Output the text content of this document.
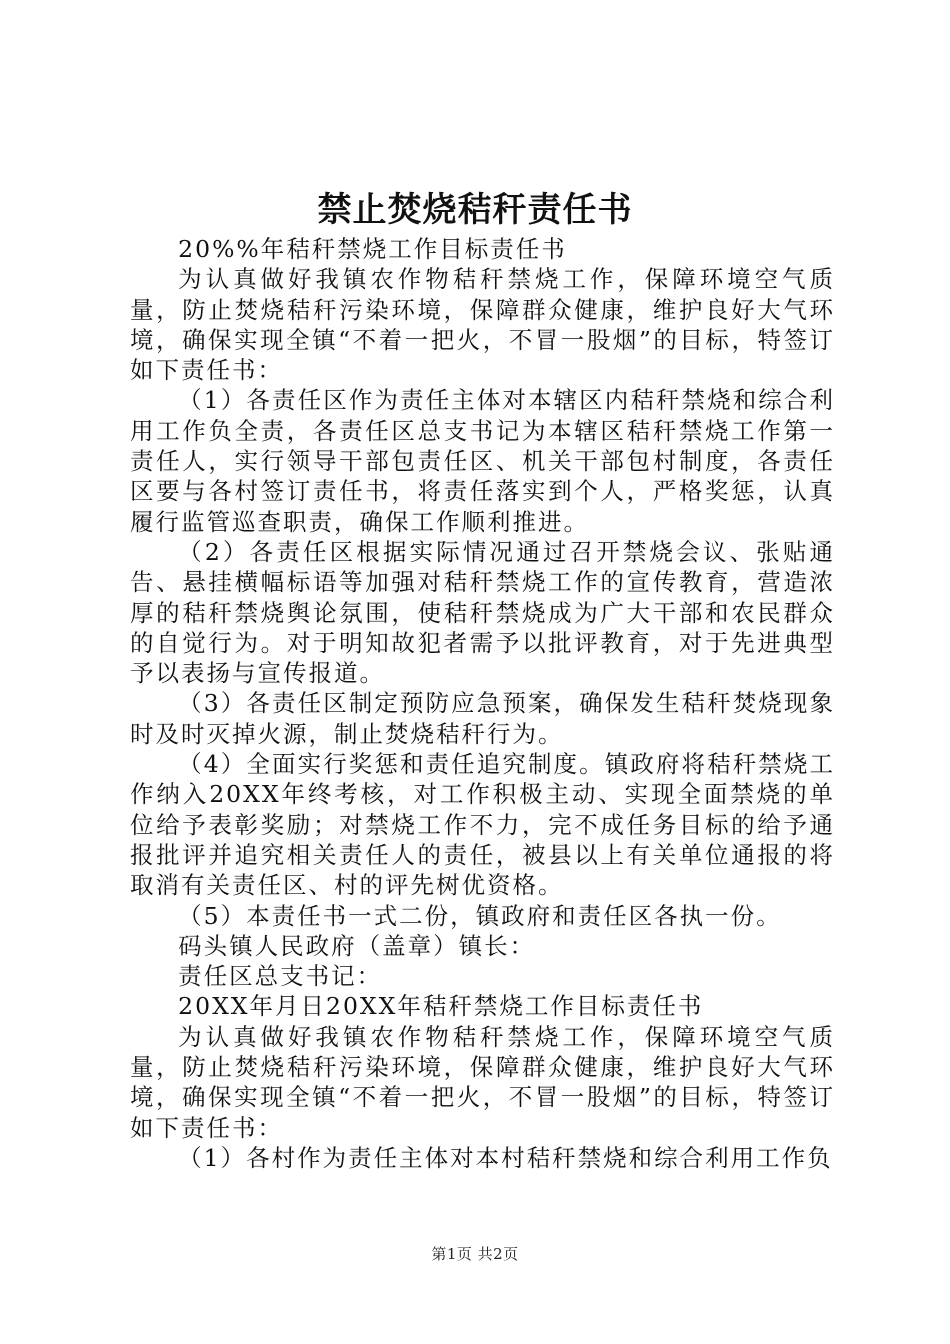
禁止焚烧秸秆责任书

20%%年秸秆禁烧工作目标责任书

为认真做好我镇农作物秸秆禁烧工作，保障环境空气质量，防止焚烧秸秆污染环境，保障群众健康，维护良好大气环境，确保实现全镇“不着一把火，不冒一股烟”的目标，特签订如下责任书：

（1）各责任区作为责任主体对本辖区内秸秆禁烧和综合利用工作负全责，各责任区总支书记为本辖区秸秆禁烧工作第一责任人，实行领导干部包责任区、机关干部包村制度，各责任区要与各村签订责任书，将责任落实到个人，严格奖惩，认真履行监管巡查职责，确保工作顺利推进。

（2）各责任区根据实际情况通过召开禁烧会议、张贴通告、悬挂横幅标语等加强对秸秆禁烧工作的宣传教育，营造浓厚的秸秆禁烧舆论氛围，使秸秆禁烧成为广大干部和农民群众的自觉行为。对于明知故犯者需予以批评教育，对于先进典型予以表扬与宣传报道。

（3）各责任区制定预防应急预案，确保发生秸秆焚烧现象时及时灭掉火源，制止焚烧秸秆行为。

（4）全面实行奖惩和责任追究制度。镇政府将秸秆禁烧工作纳入20XX年终考核，对工作积极主动、实现全面禁烧的单位给予表彰奖励；对禁烧工作不力，完不成任务目标的给予通报批评并追究相关责任人的责任，被县以上有关单位通报的将取消有关责任区、村的评先树优资格。

（5）本责任书一式二份，镇政府和责任区各执一份。

码头镇人民政府（盖章）镇长：

责任区总支书记：

20XX年月日20XX年秸秆禁烧工作目标责任书

为认真做好我镇农作物秸秆禁烧工作，保障环境空气质量，防止焚烧秸秆污染环境，保障群众健康，维护良好大气环境，确保实现全镇“不着一把火，不冒一股烟”的目标，特签订如下责任书：

（1）各村作为责任主体对本村秸秆禁烧和综合利用工作负

第1页 共2页
